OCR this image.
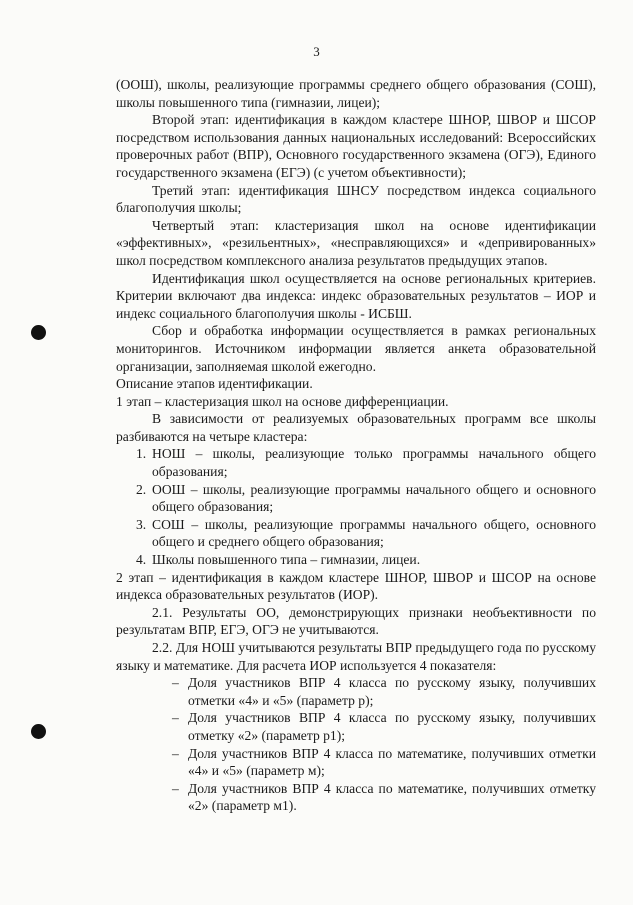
3

(ООШ), школы, реализующие программы среднего общего образования (СОШ), школы повышенного типа (гимназии, лицеи);

Второй этап: идентификация в каждом кластере ШНОР, ШВОР и ШСОР посредством использования данных национальных исследований: Всероссийских проверочных работ (ВПР), Основного государственного экзамена (ОГЭ), Единого государственного экзамена (ЕГЭ) (с учетом объективности);

Третий этап: идентификация ШНСУ посредством индекса социального благополучия школы;

Четвертый этап: кластеризация школ на основе идентификации «эффективных», «резильентных», «несправляющихся» и «депривированных» школ посредством комплексного анализа результатов предыдущих этапов.

Идентификация школ осуществляется на основе региональных критериев. Критерии включают два индекса: индекс образовательных результатов – ИОР и индекс социального благополучия школы - ИСБШ.

Сбор и обработка информации осуществляется в рамках региональных мониторингов. Источником информации является анкета образовательной организации, заполняемая школой ежегодно.

Описание этапов идентификации.

1 этап – кластеризация школ на основе дифференциации.

В зависимости от реализуемых образовательных программ все школы разбиваются на четыре кластера:

1. НОШ – школы, реализующие только программы начального общего образования;
2. ООШ – школы, реализующие программы начального общего и основного общего образования;
3. СОШ – школы, реализующие программы начального общего, основного общего и среднего общего образования;
4. Школы повышенного типа – гимназии, лицеи.

2 этап – идентификация в каждом кластере ШНОР, ШВОР и ШСОР на основе индекса образовательных результатов (ИОР).

2.1. Результаты ОО, демонстрирующих признаки необъективности по результатам ВПР, ЕГЭ, ОГЭ не учитываются.

2.2. Для НОШ учитываются результаты ВПР предыдущего года по русскому языку и математике. Для расчета ИОР используется 4 показателя:

– Доля участников ВПР 4 класса по русскому языку, получивших отметки «4» и «5» (параметр р);
– Доля участников ВПР 4 класса по русскому языку, получивших отметку «2» (параметр р1);
– Доля участников ВПР 4 класса по математике, получивших отметки «4» и «5» (параметр м);
– Доля участников ВПР 4 класса по математике, получивших отметку «2» (параметр м1).
